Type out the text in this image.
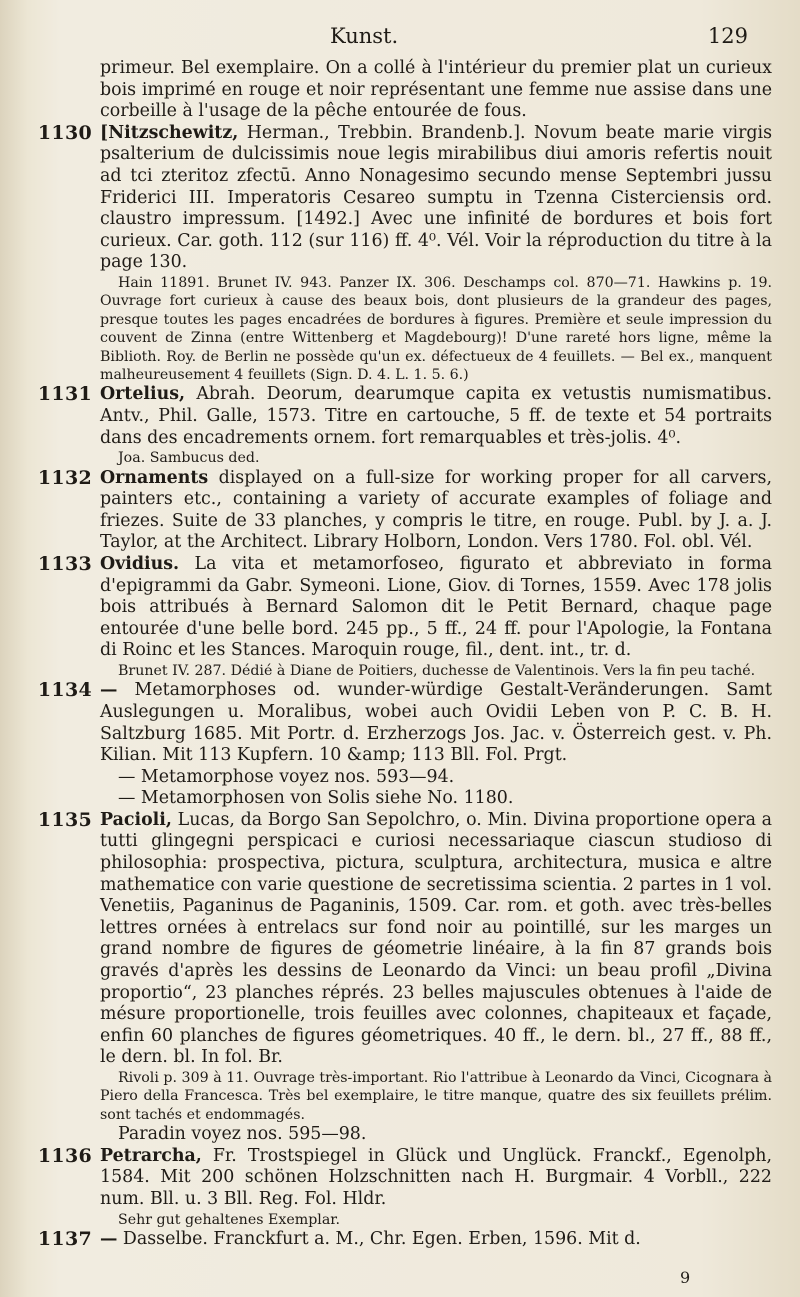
Kunst.	129
primeur. Bel exemplaire. On a collé à l'intérieur du premier plat un curieux bois imprimé en rouge et noir représentant une femme nue assise dans une corbeille à l'usage de la pêche entourée de fous.
1130 [Nitzschewitz, Herman., Trebbin. Brandenb.]. Novum beate marie virgis psalterium de dulcissimis noue legis mirabilibus diui amoris refertis nouit ad tci zteritoz zfectū. Anno Nonagesimo secundo mense Septembri jussu Friderici III. Imperatoris Cesareo sumptu in Tzenna Cisterciensis ord. claustro impressum. [1492.] Avec une infinité de bordures et bois fort curieux. Car. goth. 112 (sur 116) ff. 4⁰. Vél. Voir la réproduction du titre à la page 130.
Hain 11891. Brunet IV. 943. Panzer IX. 306. Deschamps col. 870—71. Hawkins p. 19. Ouvrage fort curieux à cause des beaux bois, dont plusieurs de la grandeur des pages, presque toutes les pages encadrées de bordures à figures. Première et seule impression du couvent de Zinna (entre Wittenberg et Magdebourg)! D'une rareté hors ligne, même la Biblioth. Roy. de Berlin ne possède qu'un ex. défectueux de 4 feuillets. — Bel ex., manquent malheureusement 4 feuillets (Sign. D. 4. L. 1. 5. 6.)
1131 Ortelius, Abrah. Deorum, dearumque capita ex vetustis numismatibus. Antv., Phil. Galle, 1573. Titre en cartouche, 5 ff. de texte et 54 portraits dans des encadrements ornem. fort remarquables et très-jolis. 4⁰.
Joa. Sambucus ded.
1132 Ornaments displayed on a full-size for working proper for all carvers, painters etc., containing a variety of accurate examples of foliage and friezes. Suite de 33 planches, y compris le titre, en rouge. Publ. by J. a. J. Taylor, at the Architect. Library Holborn, London. Vers 1780. Fol. obl. Vél.
1133 Ovidius. La vita et metamorfoseo, figurato et abbreviato in forma d'epigrammi da Gabr. Symeoni. Lione, Giov. di Tornes, 1559. Avec 178 jolis bois attribués à Bernard Salomon dit le Petit Bernard, chaque page entourée d'une belle bord. 245 pp., 5 ff., 24 ff. pour l'Apologie, la Fontana di Roinc et les Stances. Maroquin rouge, fil., dent. int., tr. d.
Brunet IV. 287. Dédié à Diane de Poitiers, duchesse de Valentinois. Vers la fin peu taché.
1134 — Metamorphoses od. wunder-würdige Gestalt-Veränderungen. Samt Auslegungen u. Moralibus, wobei auch Ovidii Leben von P. C. B. H. Saltzburg 1685. Mit Portr. d. Erzherzogs Jos. Jac. v. Österreich gest. v. Ph. Kilian. Mit 113 Kupfern. 10 &amp; 113 Bll. Fol. Prgt.
— Metamorphose voyez nos. 593—94.
— Metamorphosen von Solis siehe No. 1180.
1135 Pacioli, Lucas, da Borgo San Sepolchro, o. Min. Divina proportione opera a tutti glingegni perspicaci e curiosi necessariaque ciascun studioso di philosophia: prospectiva, pictura, sculptura, architectura, musica e altre mathematice con varie questione de secretissima scientia. 2 partes in 1 vol. Venetiis, Paganinus de Paganinis, 1509. Car. rom. et goth. avec très-belles lettres ornées à entrelacs sur fond noir au pointillé, sur les marges un grand nombre de figures de géometrie linéaire, à la fin 87 grands bois gravés d'après les dessins de Leonardo da Vinci: un beau profil „Divina proportio“, 23 planches réprés. 23 belles majuscules obtenues à l'aide de mésure proportionelle, trois feuilles avec colonnes, chapiteaux et façade, enfin 60 planches de figures géometriques. 40 ff., le dern. bl., 27 ff., 88 ff., le dern. bl. In fol. Br.
Rivoli p. 309 à 11. Ouvrage très-important. Rio l'attribue à Leonardo da Vinci, Cicognara à Piero della Francesca. Très bel exemplaire, le titre manque, quatre des six feuillets prélim. sont tachés et endommagés.
Paradin voyez nos. 595—98.
1136 Petrarcha, Fr. Trostspiegel in Glück und Unglück. Franckf., Egenolph, 1584. Mit 200 schönen Holzschnitten nach H. Burgmair. 4 Vorbll., 222 num. Bll. u. 3 Bll. Reg. Fol. Hldr.
Sehr gut gehaltenes Exemplar.
1137 — Dasselbe. Franckfurt a. M., Chr. Egen. Erben, 1596. Mit d.
9
